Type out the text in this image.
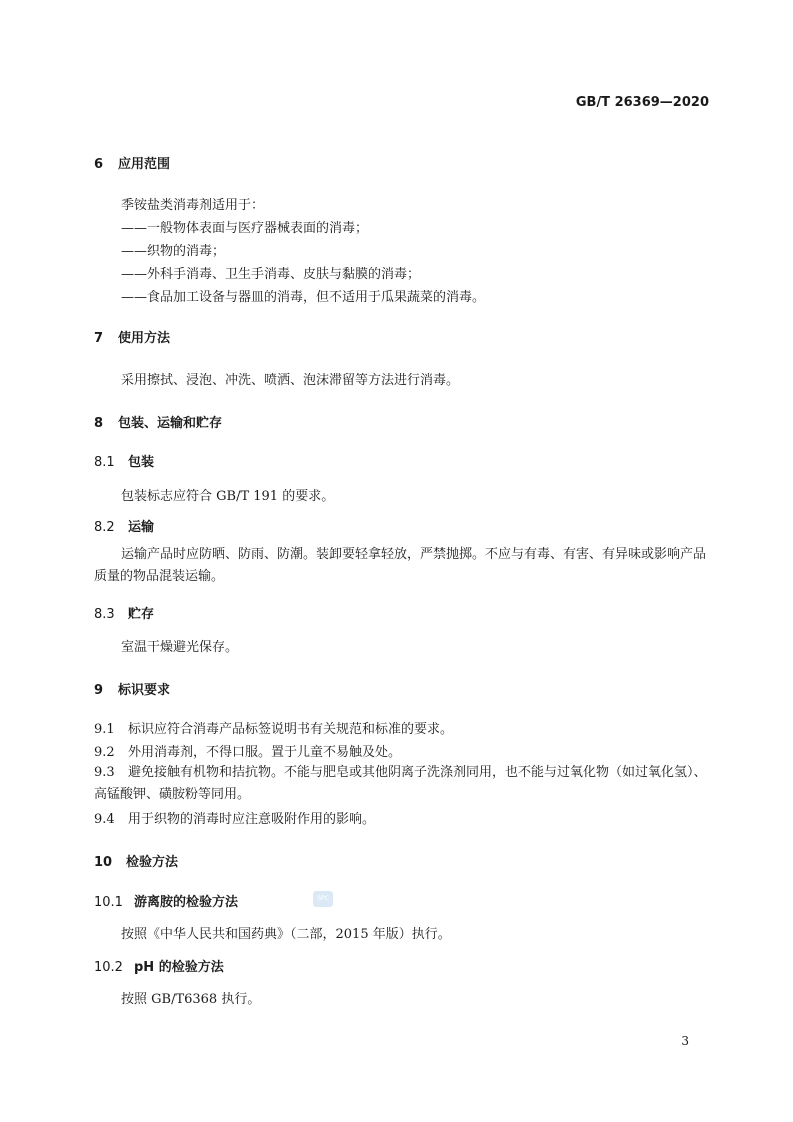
GB/T 26369—2020
6 应用范围
季铵盐类消毒剂适用于：
——一般物体表面与医疗器械表面的消毒；
——织物的消毒；
——外科手消毒、卫生手消毒、皮肤与黏膜的消毒；
——食品加工设备与器皿的消毒，但不适用于瓜果蔬菜的消毒。
7 使用方法
采用擦拭、浸泡、冲洗、喷洒、泡沫滞留等方法进行消毒。
8 包装、运输和贮存
8.1 包装
包装标志应符合 GB/T 191 的要求。
8.2 运输
运输产品时应防晒、防雨、防潮。装卸要轻拿轻放，严禁抛掷。不应与有毒、有害、有异味或影响产品质量的物品混装运输。
8.3 贮存
室温干燥避光保存。
9 标识要求
9.1 标识应符合消毒产品标签说明书有关规范和标准的要求。
9.2 外用消毒剂，不得口服。置于儿童不易触及处。
9.3 避免接触有机物和拮抗物。不能与肥皂或其他阴离子洗涤剂同用，也不能与过氧化物（如过氧化氢）、高锰酸钾、磺胺粉等同用。
9.4 用于织物的消毒时应注意吸附作用的影响。
10 检验方法
10.1 游离胺的检验方法	SPC
按照《中华人民共和国药典》（二部，2015 年版）执行。
10.2 pH 的检验方法
按照 GB/T6368 执行。
3
